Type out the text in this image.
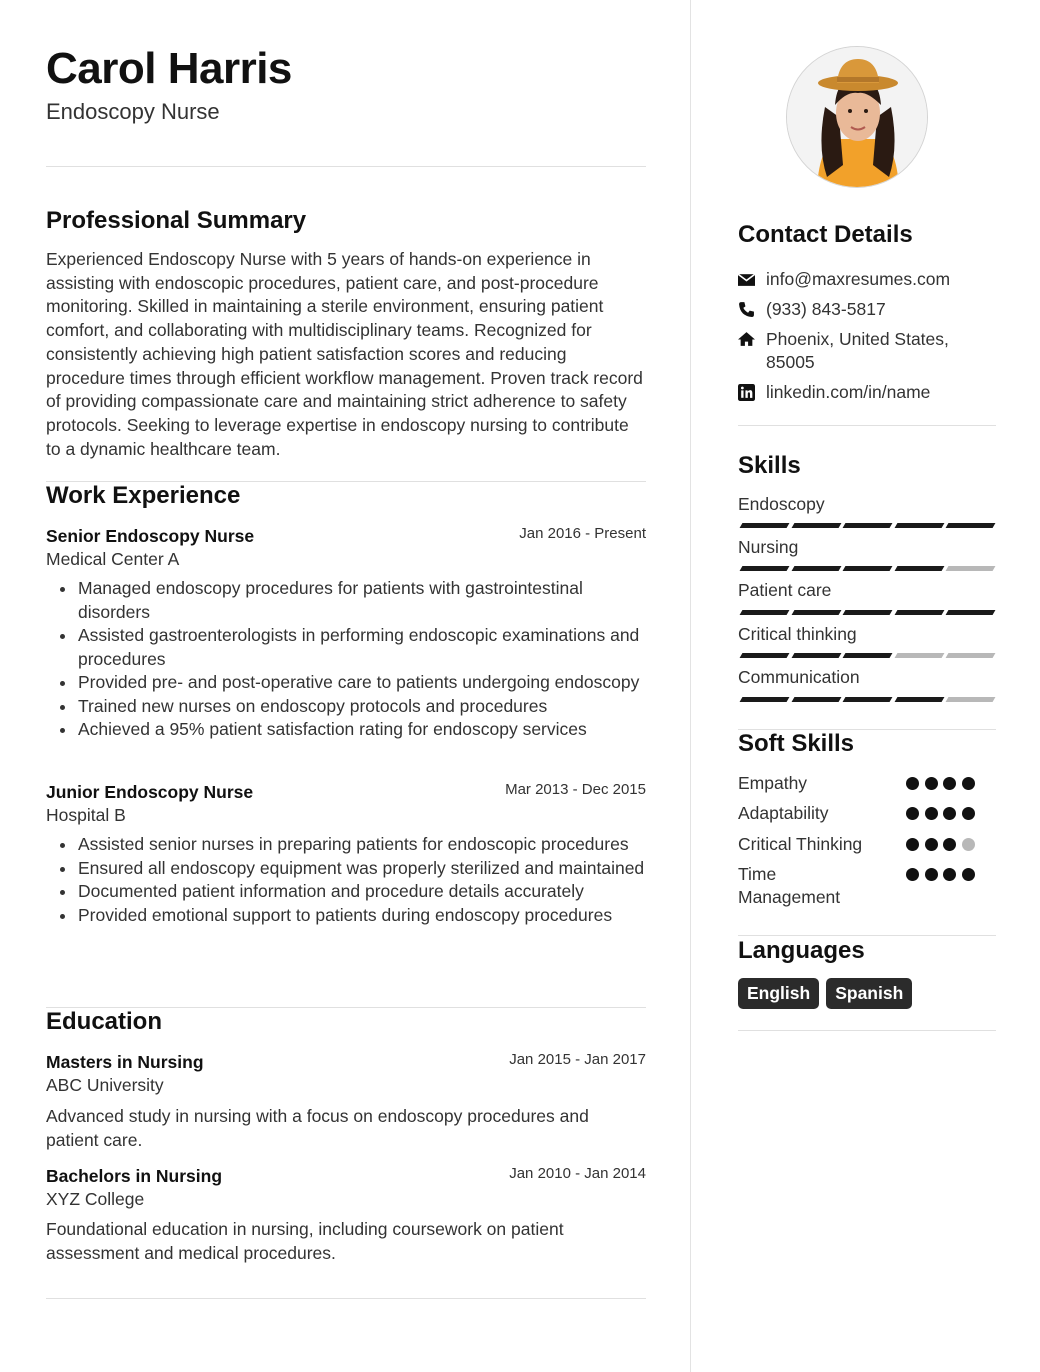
Carol Harris
Endoscopy Nurse
Professional Summary
Experienced Endoscopy Nurse with 5 years of hands-on experience in assisting with endoscopic procedures, patient care, and post-procedure monitoring. Skilled in maintaining a sterile environment, ensuring patient comfort, and collaborating with multidisciplinary teams. Recognized for consistently achieving high patient satisfaction scores and reducing procedure times through efficient workflow management. Proven track record of providing compassionate care and maintaining strict adherence to safety protocols. Seeking to leverage expertise in endoscopy nursing to contribute to a dynamic healthcare team.
Work Experience
Senior Endoscopy Nurse	Jan 2016 - Present
Medical Center A
Managed endoscopy procedures for patients with gastrointestinal disorders
Assisted gastroenterologists in performing endoscopic examinations and procedures
Provided pre- and post-operative care to patients undergoing endoscopy
Trained new nurses on endoscopy protocols and procedures
Achieved a 95% patient satisfaction rating for endoscopy services
Junior Endoscopy Nurse	Mar 2013 - Dec 2015
Hospital B
Assisted senior nurses in preparing patients for endoscopic procedures
Ensured all endoscopy equipment was properly sterilized and maintained
Documented patient information and procedure details accurately
Provided emotional support to patients during endoscopy procedures
Education
Masters in Nursing	Jan 2015 - Jan 2017
ABC University
Advanced study in nursing with a focus on endoscopy procedures and patient care.
Bachelors in Nursing	Jan 2010 - Jan 2014
XYZ College
Foundational education in nursing, including coursework on patient assessment and medical procedures.
Contact Details
info@maxresumes.com
(933) 843-5817
Phoenix, United States,
85005
linkedin.com/in/name
Skills
Endoscopy
Nursing
Patient care
Critical thinking
Communication
Soft Skills
Empathy
Adaptability
Critical Thinking
Time Management
Languages
English	Spanish
